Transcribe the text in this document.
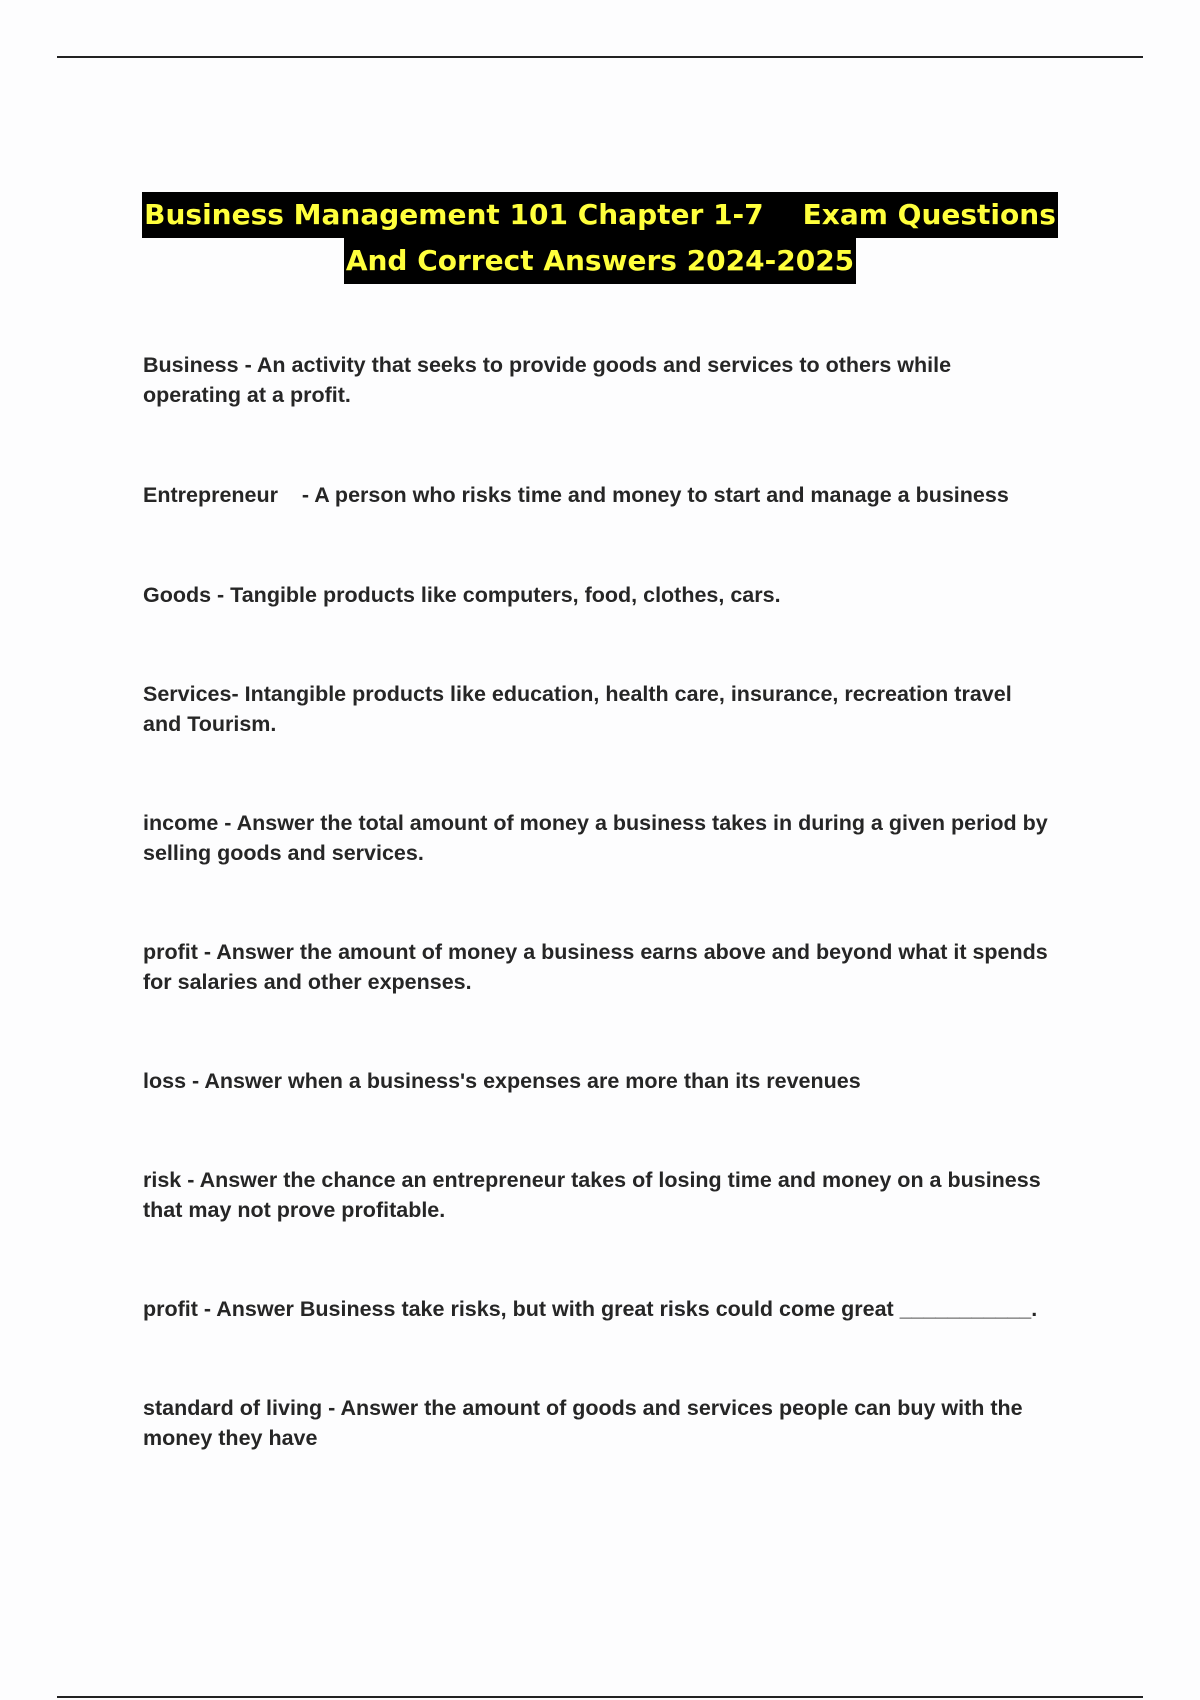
Business Management 101 Chapter 1-7    Exam Questions
And Correct Answers 2024-2025
Business - An activity that seeks to provide goods and services to others while
operating at a profit.
Entrepreneur    - A person who risks time and money to start and manage a business
Goods - Tangible products like computers, food, clothes, cars.
Services- Intangible products like education, health care, insurance, recreation travel
and Tourism.
income - Answer the total amount of money a business takes in during a given period by
selling goods and services.
profit - Answer the amount of money a business earns above and beyond what it spends
for salaries and other expenses.
loss - Answer when a business's expenses are more than its revenues
risk - Answer the chance an entrepreneur takes of losing time and money on a business
that may not prove profitable.
profit - Answer Business take risks, but with great risks could come great ___________.
standard of living - Answer the amount of goods and services people can buy with the
money they have
